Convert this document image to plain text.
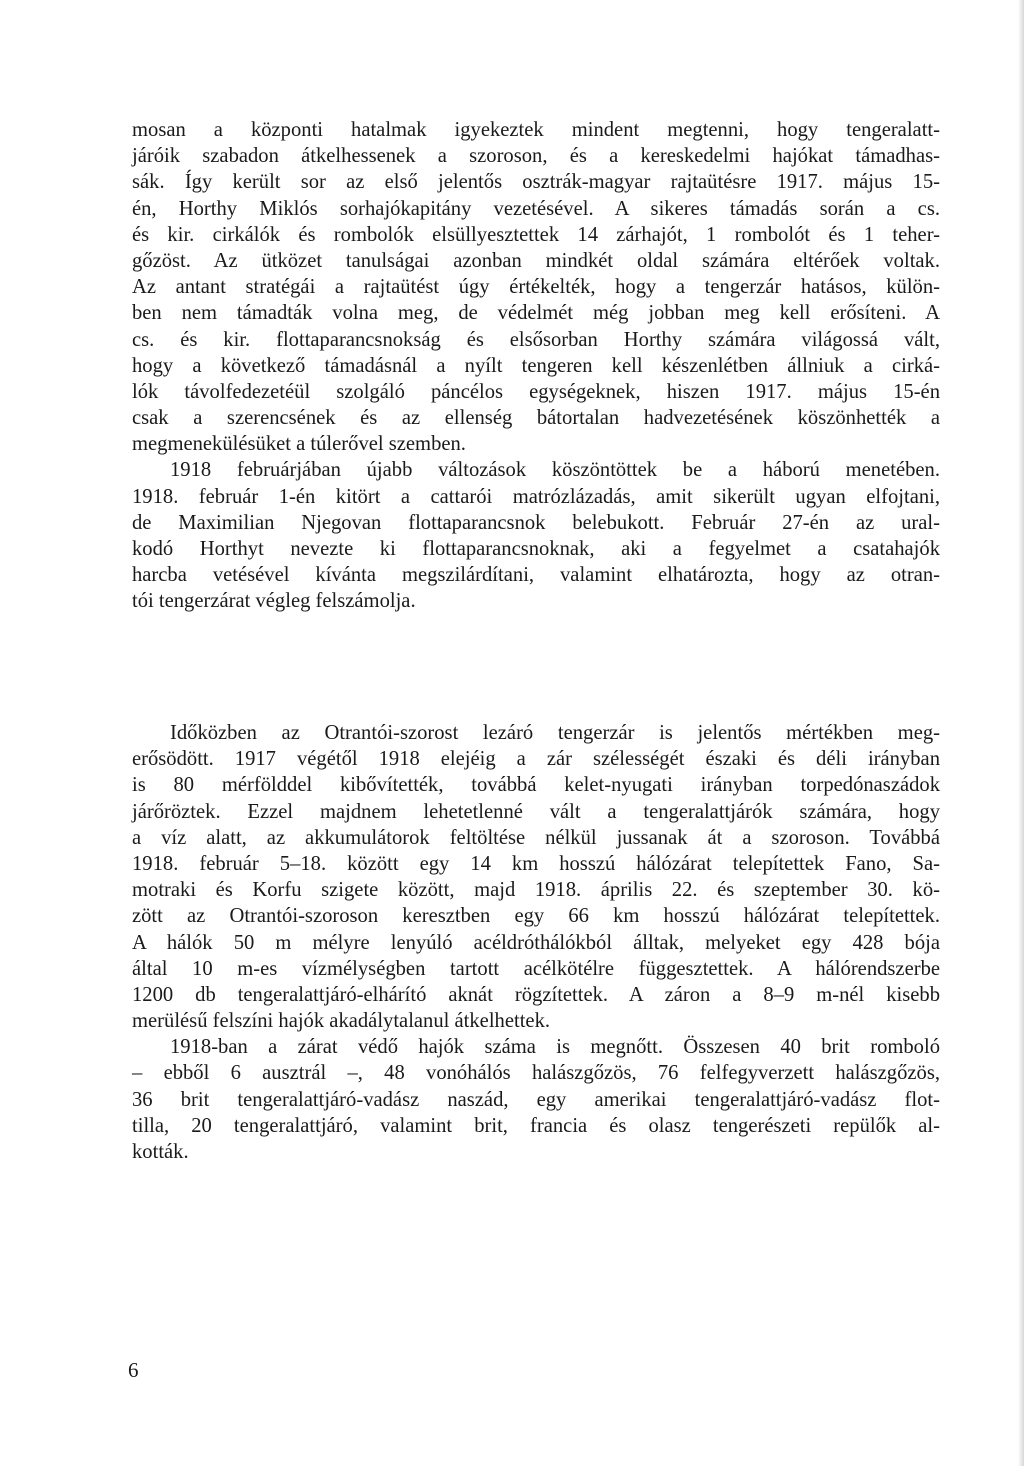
mosan a központi hatalmak igyekeztek mindent megtenni, hogy tengeralatt-
járóik szabadon átkelhessenek a szoroson, és a kereskedelmi hajókat támadhas-
sák. Így került sor az első jelentős osztrák-magyar rajtaütésre 1917. május 15-
én, Horthy Miklós sorhajókapitány vezetésével. A sikeres támadás során a cs.
és kir. cirkálók és rombolók elsüllyesztettek 14 zárhajót, 1 rombolót és 1 teher-
gőzöst. Az ütközet tanulságai azonban mindkét oldal számára eltérőek voltak.
Az antant stratégái a rajtaütést úgy értékelték, hogy a tengerzár hatásos, külön-
ben nem támadták volna meg, de védelmét még jobban meg kell erősíteni. A
cs. és kir. flottaparancsnokság és elsősorban Horthy számára világossá vált,
hogy a következő támadásnál a nyílt tengeren kell készenlétben állniuk a cirká-
lók távolfedezetéül szolgáló páncélos egységeknek, hiszen 1917. május 15-én
csak a szerencsének és az ellenség bátortalan hadvezetésének köszönhették a
megmenekülésüket a túlerővel szemben.

1918 februárjában újabb változások köszöntöttek be a háború menetében.
1918. február 1-én kitört a cattarói matrózlázadás, amit sikerült ugyan elfojtani,
de Maximilian Njegovan flottaparancsnok belebukott. Február 27-én az ural-
kodó Horthyt nevezte ki flottaparancsnoknak, aki a fegyelmet a csatahajók
harcba vetésével kívánta megszilárdítani, valamint elhatározta, hogy az otran-
tói tengerzárat végleg felszámolja.

Időközben az Otrantói-szorost lezáró tengerzár is jelentős mértékben meg-
erősödött. 1917 végétől 1918 elejéig a zár szélességét északi és déli irányban
is 80 mérfölddel kibővítették, továbbá kelet-nyugati irányban torpedónaszádok
járőröztek. Ezzel majdnem lehetetlenné vált a tengeralattjárók számára, hogy
a víz alatt, az akkumulátorok feltöltése nélkül jussanak át a szoroson. Továbbá
1918. február 5–18. között egy 14 km hosszú hálózárat telepítettek Fano, Sa-
motraki és Korfu szigete között, majd 1918. április 22. és szeptember 30. kö-
zött az Otrantói-szoroson keresztben egy 66 km hosszú hálózárat telepítettek.
A hálók 50 m mélyre lenyúló acéldróthálókból álltak, melyeket egy 428 bója
által 10 m-es vízmélységben tartott acélkötélre függesztettek. A hálórendszerbe
1200 db tengeralattjáró-elhárító aknát rögzítettek. A záron a 8–9 m-nél kisebb
merülésű felszíni hajók akadálytalanul átkelhettek.

1918-ban a zárat védő hajók száma is megnőtt. Összesen 40 brit romboló
– ebből 6 ausztrál –, 48 vonóhálós halászgőzös, 76 felfegyverzett halászgőzös,
36 brit tengeralattjáró-vadász naszád, egy amerikai tengeralattjáró-vadász flot-
tilla, 20 tengeralattjáró, valamint brit, francia és olasz tengerészeti repülők al-
kották.

6
